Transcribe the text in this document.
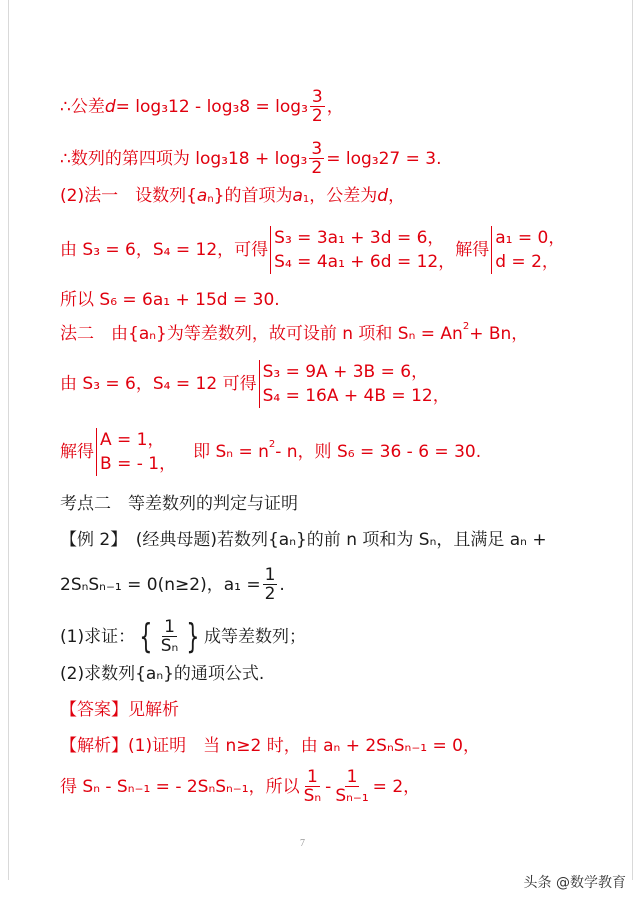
∴公差 $d = \log_312 - \log_38 = \log_3 \frac{3}{2}$ ，
∴数列的第四项为 $\log_318 + \log_3 \frac{3}{2} = \log_327 = 3$.
(2)法一　设数列{ a n }的首项为 a 1 ，公差为 d ，
由 S₃ = 6，S₄ = 12，可得
S₃ = 3a₁ + 3d = 6，
S₄ = 4a₁ + 6d = 12，
解得
a₁ = 0，
d = 2，
所以 S₆ = 6a₁ + 15d = 30.
法二　由{aₙ}为等差数列，故可设前 n 项和 Sₙ = An 2 + Bn，
由 S₃ = 6，S₄ = 12 可得
S₃ = 9A + 3B = 6，
S₄ = 16A + 4B = 12，
解得
A = 1，
B = - 1，
　即 Sₙ = n 2 - n，则 S₆ = 36 - 6 = 30.
考点二　等差数列的判定与证明
【例 2】　(经典母题)若数列{aₙ}的前 n 项和为 Sₙ，且满足 aₙ +
2SₙSₙ₋₁ = 0(n≥2)，$a_1 = \frac{1}{2}$ .
(1)求证： { $\frac{1}{\text{Sₙ}}$ } 成等差数列；
(2)求数列{aₙ}的通项公式.
【答案】见解析
【解析】(1)证明　当 n≥2 时，由 aₙ + 2SₙSₙ₋₁ = 0，
得 Sₙ - Sₙ₋₁ = - 2SₙSₙ₋₁，所以 $\frac{1}{\text{Sₙ}} - \frac{1}{\text{Sₙ₋₁}} = 2$，
7
头条 @数学教育
